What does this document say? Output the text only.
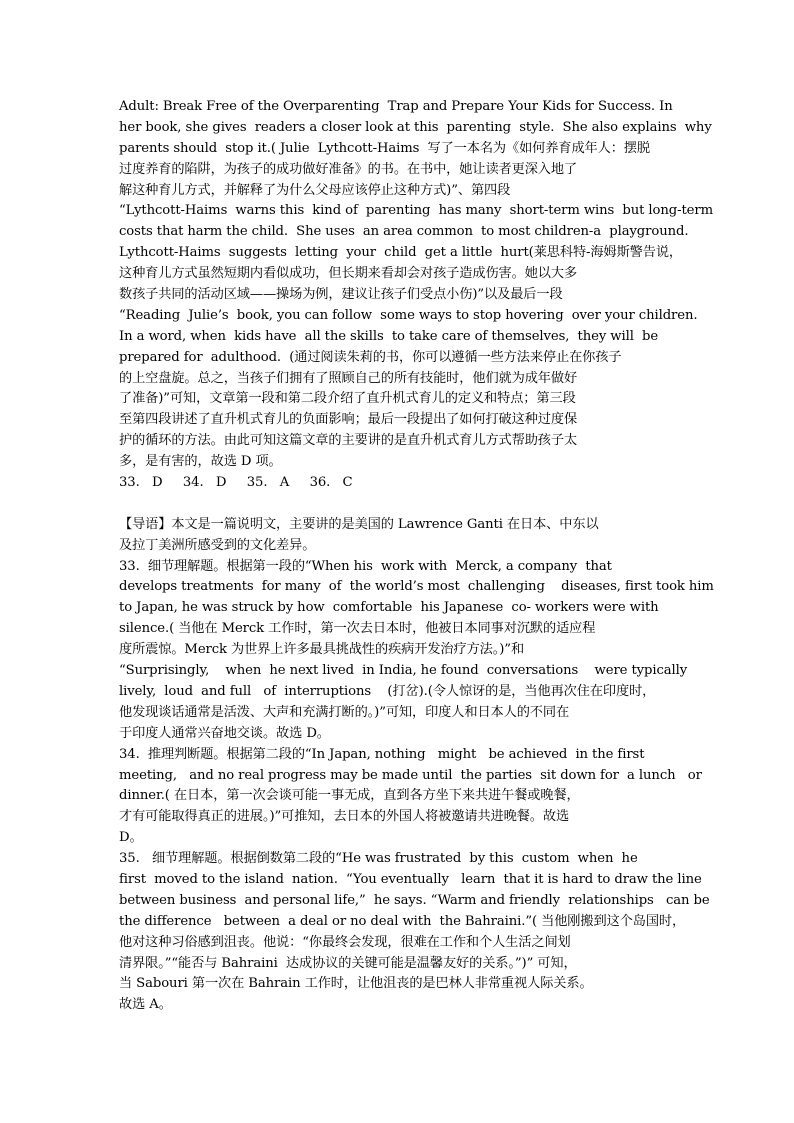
Adult: Break Free of the Overparenting  Trap and Prepare Your Kids for Success. In
her book, she gives  readers a closer look at this  parenting  style.  She also explains  why
parents should  stop it.( Julie  Lythcott-Haims  写了一本名为《如何养育成年人：摆脱
过度养育的陷阱，为孩子的成功做好准备》的书。在书中，她让读者更深入地了
解这种育儿方式，并解释了为什么父母应该停止这种方式)”、第四段
“Lythcott-Haims  warns this  kind of  parenting  has many  short-term wins  but long-term
costs that harm the child.  She uses  an area common  to most children-a  playground.
Lythcott-Haims  suggests  letting  your  child  get a little  hurt(莱思科特-海姆斯警告说，
这种育儿方式虽然短期内看似成功，但长期来看却会对孩子造成伤害。她以大多
数孩子共同的活动区域——操场为例，建议让孩子们受点小伤)”以及最后一段
“Reading  Julie’s  book, you can follow  some ways to stop hovering  over your children.
In a word, when  kids have  all the skills  to take care of themselves,  they will  be
prepared for  adulthood.  (通过阅读朱莉的书，你可以遵循一些方法来停止在你孩子
的上空盘旋。总之，当孩子们拥有了照顾自己的所有技能时，他们就为成年做好
了准备)”可知，文章第一段和第二段介绍了直升机式育儿的定义和特点；第三段
至第四段讲述了直升机式育儿的负面影响；最后一段提出了如何打破这种过度保
护的循环的方法。由此可知这篇文章的主要讲的是直升机式育儿方式帮助孩子太
多，是有害的，故选 D 项。
33.   D     34.   D     35.   A     36.   C
【导语】本文是一篇说明文，主要讲的是美国的 Lawrence Ganti 在日本、中东以
及拉丁美洲所感受到的文化差异。
33.  细节理解题。根据第一段的“When his  work with  Merck, a company  that
develops treatments  for many  of  the world’s most  challenging    diseases, first took him
to Japan, he was struck by how  comfortable  his Japanese  co- workers were with
silence.( 当他在 Merck 工作时，第一次去日本时，他被日本同事对沉默的适应程
度所震惊。Merck 为世界上许多最具挑战性的疾病开发治疗方法。)”和
“Surprisingly,    when  he next lived  in India, he found  conversations    were typically
lively,  loud  and full   of  interruptions    (打岔).(令人惊讶的是，当他再次住在印度时，
他发现谈话通常是活泼、大声和充满打断的。)”可知，印度人和日本人的不同在
于印度人通常兴奋地交谈。故选 D。
34.  推理判断题。根据第二段的“In Japan, nothing   might   be achieved  in the first
meeting,   and no real progress may be made until  the parties  sit down for  a lunch   or
dinner.( 在日本，第一次会谈可能一事无成，直到各方坐下来共进午餐或晚餐，
才有可能取得真正的进展。)”可推知，去日本的外国人将被邀请共进晚餐。故选
D。
35.   细节理解题。根据倒数第二段的“He was frustrated  by this  custom  when  he
first  moved to the island  nation.  “You eventually   learn  that it is hard to draw the line
between business  and personal life,”  he says. “Warm and friendly  relationships   can be
the difference   between  a deal or no deal with  the Bahraini.”( 当他刚搬到这个岛国时，
他对这种习俗感到沮丧。他说：“你最终会发现，很难在工作和个人生活之间划
清界限。”“能否与 Bahraini  达成协议的关键可能是温馨友好的关系。”)” 可知，
当 Sabouri 第一次在 Bahrain 工作时，让他沮丧的是巴林人非常重视人际关系。
故选 A。
